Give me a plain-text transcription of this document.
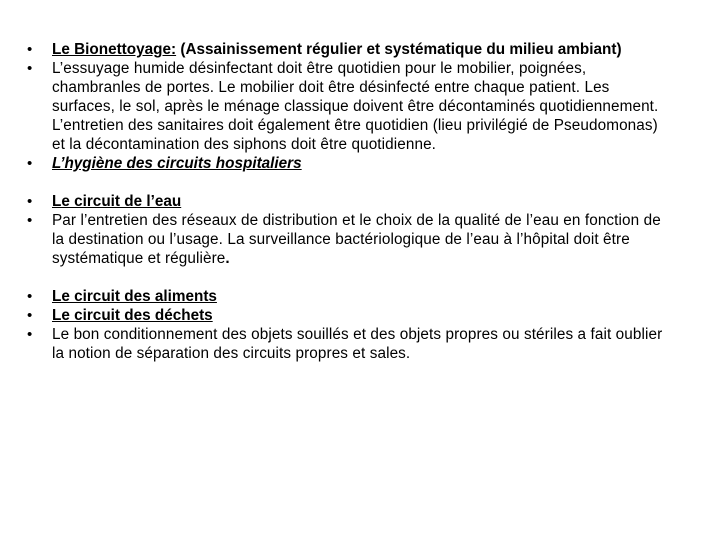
• Le Bionettoyage: (Assainissement régulier et systématique du milieu ambiant)
• L’essuyage humide désinfectant doit être quotidien pour le mobilier, poignées, chambranles de portes. Le mobilier doit être désinfecté entre chaque patient. Les surfaces, le sol, après le ménage classique doivent être décontaminés quotidiennement. L’entretien des sanitaires doit également être quotidien (lieu privilégié de Pseudomonas) et la décontamination des siphons doit être quotidienne.
• L’hygiène des circuits hospitaliers
• Le circuit de l’eau
• Par l’entretien des réseaux de distribution et le choix de la qualité de l’eau en fonction de la destination ou l’usage. La surveillance bactériologique de l’eau à l’hôpital doit être systématique et régulière.
• Le circuit des aliments
• Le circuit des déchets
• Le bon conditionnement des objets souillés et des objets propres ou stériles a fait oublier la notion de séparation des circuits propres et sales.
